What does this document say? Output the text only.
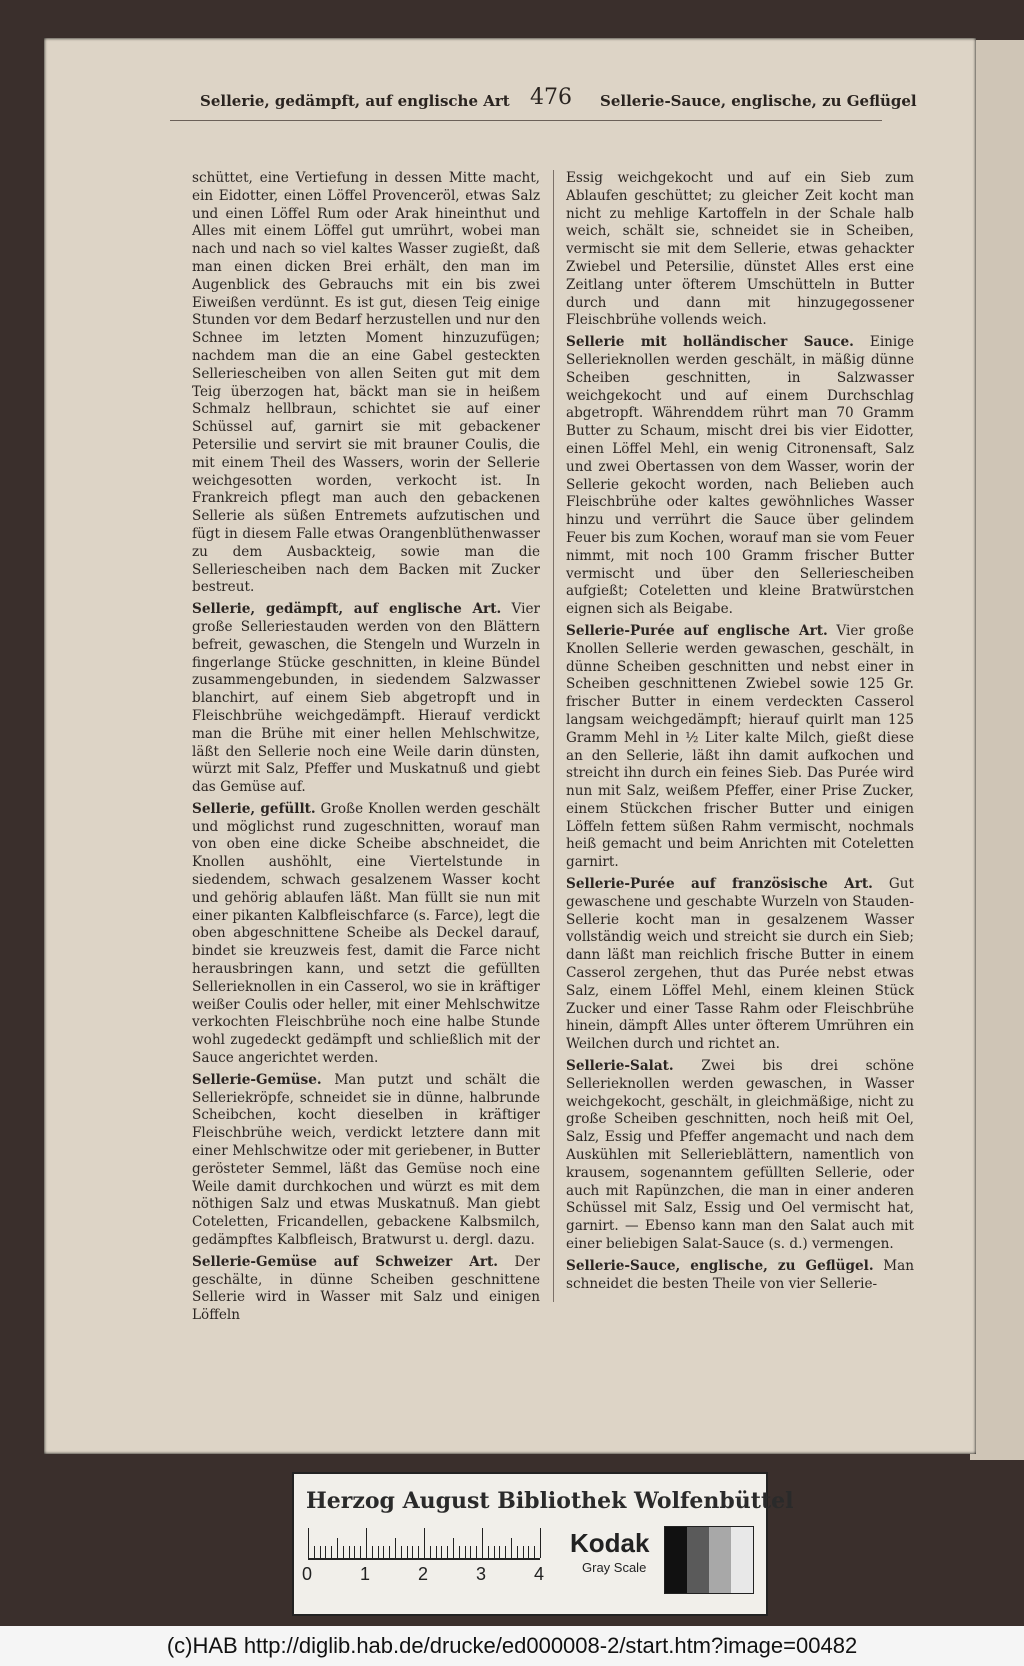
Sellerie, gedämpft, auf englische Art 476 Sellerie-Sauce, englische, zu Geflügel

schüttet, eine Vertiefung in dessen Mitte macht, ein Eidotter, einen Löffel Provenceröl, etwas Salz und einen Löffel Rum oder Arak hineinthut und Alles mit einem Löffel gut umrührt, wobei man nach und nach so viel kaltes Wasser zugießt, daß man einen dicken Brei erhält, den man im Augenblick des Gebrauchs mit ein bis zwei Eiweißen verdünnt. Es ist gut, diesen Teig einige Stunden vor dem Bedarf herzustellen und nur den Schnee im letzten Moment hinzuzufügen; nachdem man die an eine Gabel gesteckten Selleriescheiben von allen Seiten gut mit dem Teig überzogen hat, bäckt man sie in heißem Schmalz hellbraun, schichtet sie auf einer Schüssel auf, garnirt sie mit gebackener Petersilie und servirt sie mit brauner Coulis, die mit einem Theil des Wassers, worin der Sellerie weichgesotten worden, verkocht ist. In Frankreich pflegt man auch den gebackenen Sellerie als süßen Entremets aufzutischen und fügt in diesem Falle etwas Orangenblüthenwasser zu dem Ausbackteig, sowie man die Selleriescheiben nach dem Backen mit Zucker bestreut.

Sellerie, gedämpft, auf englische Art. Vier große Selleriestauden werden von den Blättern befreit, gewaschen, die Stengeln und Wurzeln in fingerlange Stücke geschnitten, in kleine Bündel zusammengebunden, in siedendem Salzwasser blanchirt, auf einem Sieb abgetropft und in Fleischbrühe weichgedämpft. Hierauf verdickt man die Brühe mit einer hellen Mehlschwitze, läßt den Sellerie noch eine Weile darin dünsten, würzt mit Salz, Pfeffer und Muskatnuß und giebt das Gemüse auf.

Sellerie, gefüllt. Große Knollen werden geschält und möglichst rund zugeschnitten, worauf man von oben eine dicke Scheibe abschneidet, die Knollen aushöhlt, eine Viertelstunde in siedendem, schwach gesalzenem Wasser kocht und gehörig ablaufen läßt. Man füllt sie nun mit einer pikanten Kalbfleischfarce (s. Farce), legt die oben abgeschnittene Scheibe als Deckel darauf, bindet sie kreuzweis fest, damit die Farce nicht herausbringen kann, und setzt die gefüllten Sellerieknollen in ein Casserol, wo sie in kräftiger weißer Coulis oder heller, mit einer Mehlschwitze verkochten Fleischbrühe noch eine halbe Stunde wohl zugedeckt gedämpft und schließlich mit der Sauce angerichtet werden.

Sellerie-Gemüse. Man putzt und schält die Selleriekröpfe, schneidet sie in dünne, halbrunde Scheibchen, kocht dieselben in kräftiger Fleischbrühe weich, verdickt letztere dann mit einer Mehlschwitze oder mit geriebener, in Butter gerösteter Semmel, läßt das Gemüse noch eine Weile damit durchkochen und würzt es mit dem nöthigen Salz und etwas Muskatnuß. Man giebt Coteletten, Fricandellen, gebackene Kalbsmilch, gedämpftes Kalbfleisch, Bratwurst u. dergl. dazu.

Sellerie-Gemüse auf Schweizer Art. Der geschälte, in dünne Scheiben geschnittene Sellerie wird in Wasser mit Salz und einigen Löffeln

Essig weichgekocht und auf ein Sieb zum Ablaufen geschüttet; zu gleicher Zeit kocht man nicht zu mehlige Kartoffeln in der Schale halb weich, schält sie, schneidet sie in Scheiben, vermischt sie mit dem Sellerie, etwas gehackter Zwiebel und Petersilie, dünstet Alles erst eine Zeitlang unter öfterem Umschütteln in Butter durch und dann mit hinzugegossener Fleischbrühe vollends weich.

Sellerie mit holländischer Sauce. Einige Sellerieknollen werden geschält, in mäßig dünne Scheiben geschnitten, in Salzwasser weichgekocht und auf einem Durchschlag abgetropft. Währenddem rührt man 70 Gramm Butter zu Schaum, mischt drei bis vier Eidotter, einen Löffel Mehl, ein wenig Citronensaft, Salz und zwei Obertassen von dem Wasser, worin der Sellerie gekocht worden, nach Belieben auch Fleischbrühe oder kaltes gewöhnliches Wasser hinzu und verrührt die Sauce über gelindem Feuer bis zum Kochen, worauf man sie vom Feuer nimmt, mit noch 100 Gramm frischer Butter vermischt und über den Selleriescheiben aufgießt; Coteletten und kleine Bratwürstchen eignen sich als Beigabe.

Sellerie-Purée auf englische Art. Vier große Knollen Sellerie werden gewaschen, geschält, in dünne Scheiben geschnitten und nebst einer in Scheiben geschnittenen Zwiebel sowie 125 Gr. frischer Butter in einem verdeckten Casserol langsam weichgedämpft; hierauf quirlt man 125 Gramm Mehl in ½ Liter kalte Milch, gießt diese an den Sellerie, läßt ihn damit aufkochen und streicht ihn durch ein feines Sieb. Das Purée wird nun mit Salz, weißem Pfeffer, einer Prise Zucker, einem Stückchen frischer Butter und einigen Löffeln fettem süßen Rahm vermischt, nochmals heiß gemacht und beim Anrichten mit Coteletten garnirt.

Sellerie-Purée auf französische Art. Gut gewaschene und geschabte Wurzeln von Stauden-Sellerie kocht man in gesalzenem Wasser vollständig weich und streicht sie durch ein Sieb; dann läßt man reichlich frische Butter in einem Casserol zergehen, thut das Purée nebst etwas Salz, einem Löffel Mehl, einem kleinen Stück Zucker und einer Tasse Rahm oder Fleischbrühe hinein, dämpft Alles unter öfterem Umrühren ein Weilchen durch und richtet an.

Sellerie-Salat. Zwei bis drei schöne Sellerieknollen werden gewaschen, in Wasser weichgekocht, geschält, in gleichmäßige, nicht zu große Scheiben geschnitten, noch heiß mit Oel, Salz, Essig und Pfeffer angemacht und nach dem Auskühlen mit Sellerieblättern, namentlich von krausem, sogenanntem gefüllten Sellerie, oder auch mit Rapünzchen, die man in einer anderen Schüssel mit Salz, Essig und Oel vermischt hat, garnirt. — Ebenso kann man den Salat auch mit einer beliebigen Salat-Sauce (s. d.) vermengen.

Sellerie-Sauce, englische, zu Geflügel. Man schneidet die besten Theile von vier Sellerie-

Herzog August Bibliothek Wolfenbüttel
0	1	2	3	4
Kodak
Gray Scale
(c)HAB http://diglib.hab.de/drucke/ed000008-2/start.htm?image=00482
